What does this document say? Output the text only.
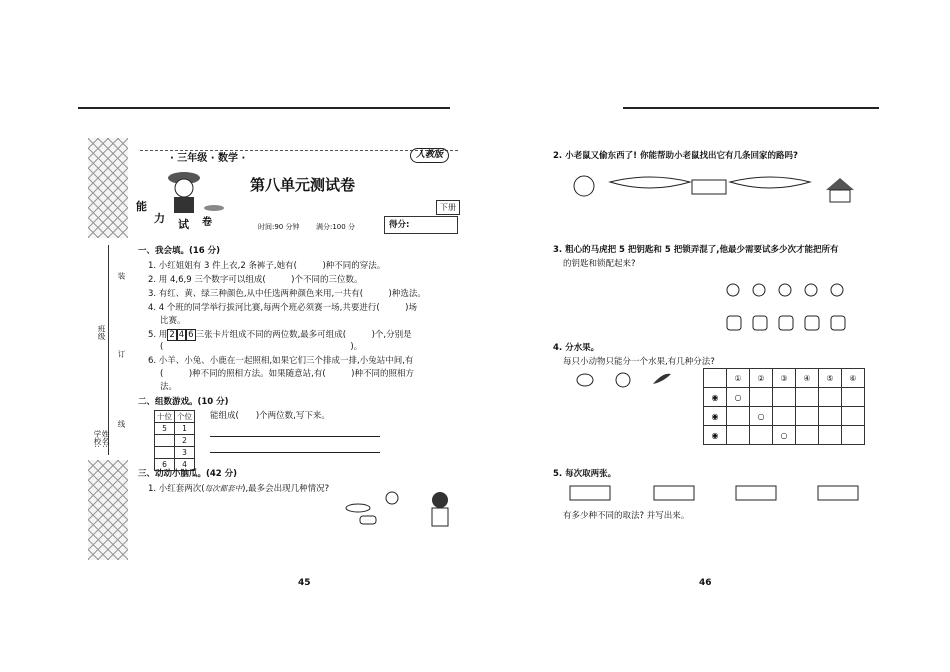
装
订
线
班级
学校: 姓名:
· 三年级 · 数学 ·	人教版
第八单元测试卷
下册
时间:90 分钟 满分:100 分	得分:
能
力 试 卷
一、我会填。(16 分)
1. 小红姐姐有 3 件上衣,2 条裤子,她有(　　　)种不同的穿法。
2. 用 4,6,9 三个数字可以组成(　　　)个不同的三位数。
3. 有红、黄、绿三种颜色,从中任选两种颜色来用,一共有(　　　)种选法。
4. 4 个班的同学举行拔河比赛,每两个班必须赛一场,共要进行(　　　)场
比赛。
5. 用 2 4 6 三张卡片组成不同的两位数,最多可组成(　　　)个,分别是
(　　　　　　　　　　　　　　　　　　　　　　)。
6. 小羊、小兔、小鹿在一起照相,如果它们三个排成一排,小兔站中间,有
(　　　)种不同的照相方法。如果随意站,有(　　　)种不同的照相方
法。
二、组数游戏。(10 分)
十位	个位
5	1
	2
	3
6	4
能组成(　　)个两位数,写下来。
三、动动小脑瓜。(42 分)
1. 小红套两次(每次都套中),最多会出现几种情况?
45
2. 小老鼠又偷东西了! 你能帮助小老鼠找出它有几条回家的路吗?
3. 粗心的马虎把 5 把钥匙和 5 把锁弄混了,他最少需要试多少次才能把所有
的钥匙和锁配起来?
4. 分水果。
每只小动物只能分一个水果,有几种分法?
	①	②	③	④	⑤	⑥
◉	○					
◉		○				
◉			○			
5. 每次取两张。
有多少种不同的取法? 并写出来。
46
